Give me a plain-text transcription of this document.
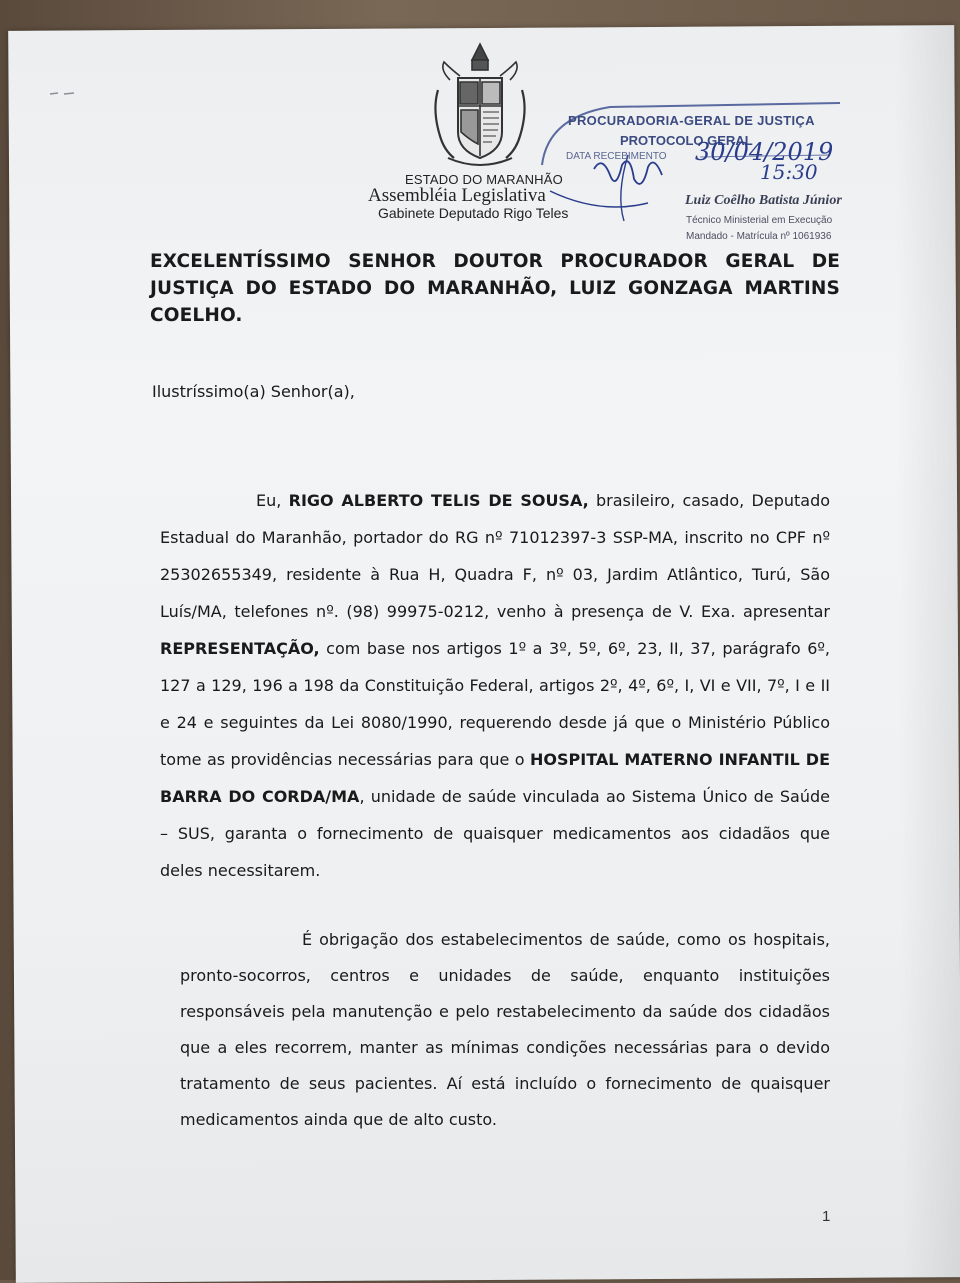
ESTADO DO MARANHÃO
Assembléia Legislativa
Gabinete Deputado Rigo Teles
PROCURADORIA-GERAL DE JUSTIÇA
PROTOCOLO GERAL
DATA RECEBIMENTO 30/04/2019
15:30
Luiz Coêlho Batista Júnior
Técnico Ministerial em Execução
Mandado - Matrícula nº 1061936
EXCELENTÍSSIMO SENHOR DOUTOR PROCURADOR GERAL DE JUSTIÇA DO ESTADO DO MARANHÃO, LUIZ GONZAGA MARTINS COELHO.
Ilustríssimo(a) Senhor(a),
Eu, RIGO ALBERTO TELIS DE SOUSA, brasileiro, casado, Deputado Estadual do Maranhão, portador do RG nº 71012397-3 SSP-MA, inscrito no CPF nº 25302655349, residente à Rua H, Quadra F, nº 03, Jardim Atlântico, Turú, São Luís/MA, telefones nº. (98) 99975-0212, venho à presença de V. Exa. apresentar REPRESENTAÇÃO, com base nos artigos 1º a 3º, 5º, 6º, 23, II, 37, parágrafo 6º, 127 a 129, 196 a 198 da Constituição Federal, artigos 2º, 4º, 6º, I, VI e VII, 7º, I e II e 24 e seguintes da Lei 8080/1990, requerendo desde já que o Ministério Público tome as providências necessárias para que o HOSPITAL MATERNO INFANTIL DE BARRA DO CORDA/MA, unidade de saúde vinculada ao Sistema Único de Saúde – SUS, garanta o fornecimento de quaisquer medicamentos aos cidadãos que deles necessitarem.
É obrigação dos estabelecimentos de saúde, como os hospitais, pronto-socorros, centros e unidades de saúde, enquanto instituições responsáveis pela manutenção e pelo restabelecimento da saúde dos cidadãos que a eles recorrem, manter as mínimas condições necessárias para o devido tratamento de seus pacientes. Aí está incluído o fornecimento de quaisquer medicamentos ainda que de alto custo.
1
